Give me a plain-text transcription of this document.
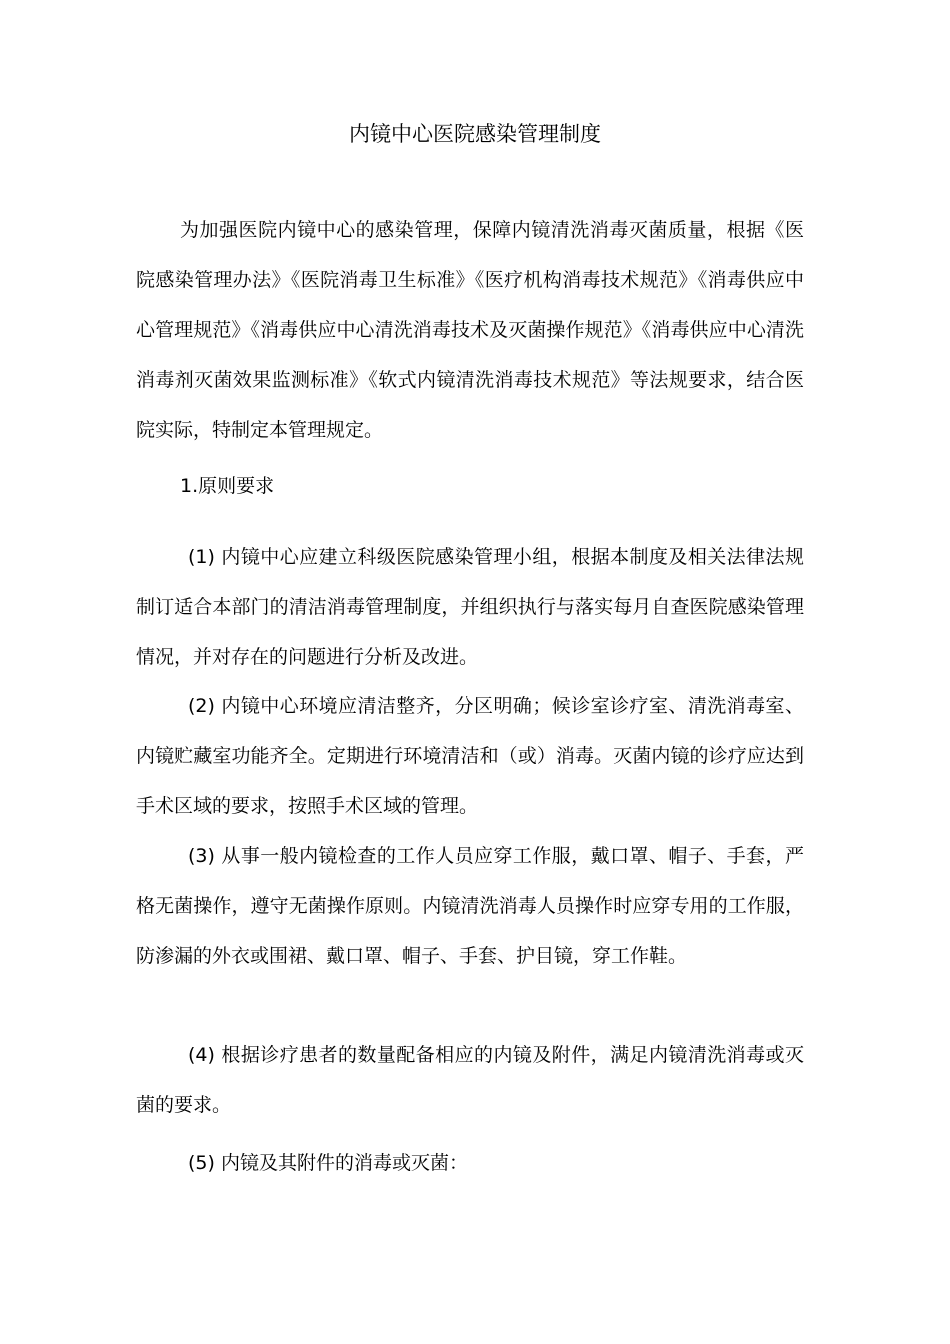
内镜中心医院感染管理制度

为加强医院内镜中心的感染管理，保障内镜清洗消毒灭菌质量，根据《医院感染管理办法》《医院消毒卫生标准》《医疗机构消毒技术规范》《消毒供应中心管理规范》《消毒供应中心清洗消毒技术及灭菌操作规范》《消毒供应中心清洗消毒剂灭菌效果监测标准》《软式内镜清洗消毒技术规范》等法规要求，结合医院实际，特制定本管理规定。

1.原则要求

(1) 内镜中心应建立科级医院感染管理小组，根据本制度及相关法律法规制订适合本部门的清洁消毒管理制度，并组织执行与落实每月自查医院感染管理情况，并对存在的问题进行分析及改进。

(2) 内镜中心环境应清洁整齐，分区明确；候诊室诊疗室、清洗消毒室、内镜贮藏室功能齐全。定期进行环境清洁和（或）消毒。灭菌内镜的诊疗应达到手术区域的要求，按照手术区域的管理。

(3) 从事一般内镜检查的工作人员应穿工作服，戴口罩、帽子、手套，严格无菌操作，遵守无菌操作原则。内镜清洗消毒人员操作时应穿专用的工作服，防渗漏的外衣或围裙、戴口罩、帽子、手套、护目镜，穿工作鞋。

(4) 根据诊疗患者的数量配备相应的内镜及附件，满足内镜清洗消毒或灭菌的要求。

(5) 内镜及其附件的消毒或灭菌：
